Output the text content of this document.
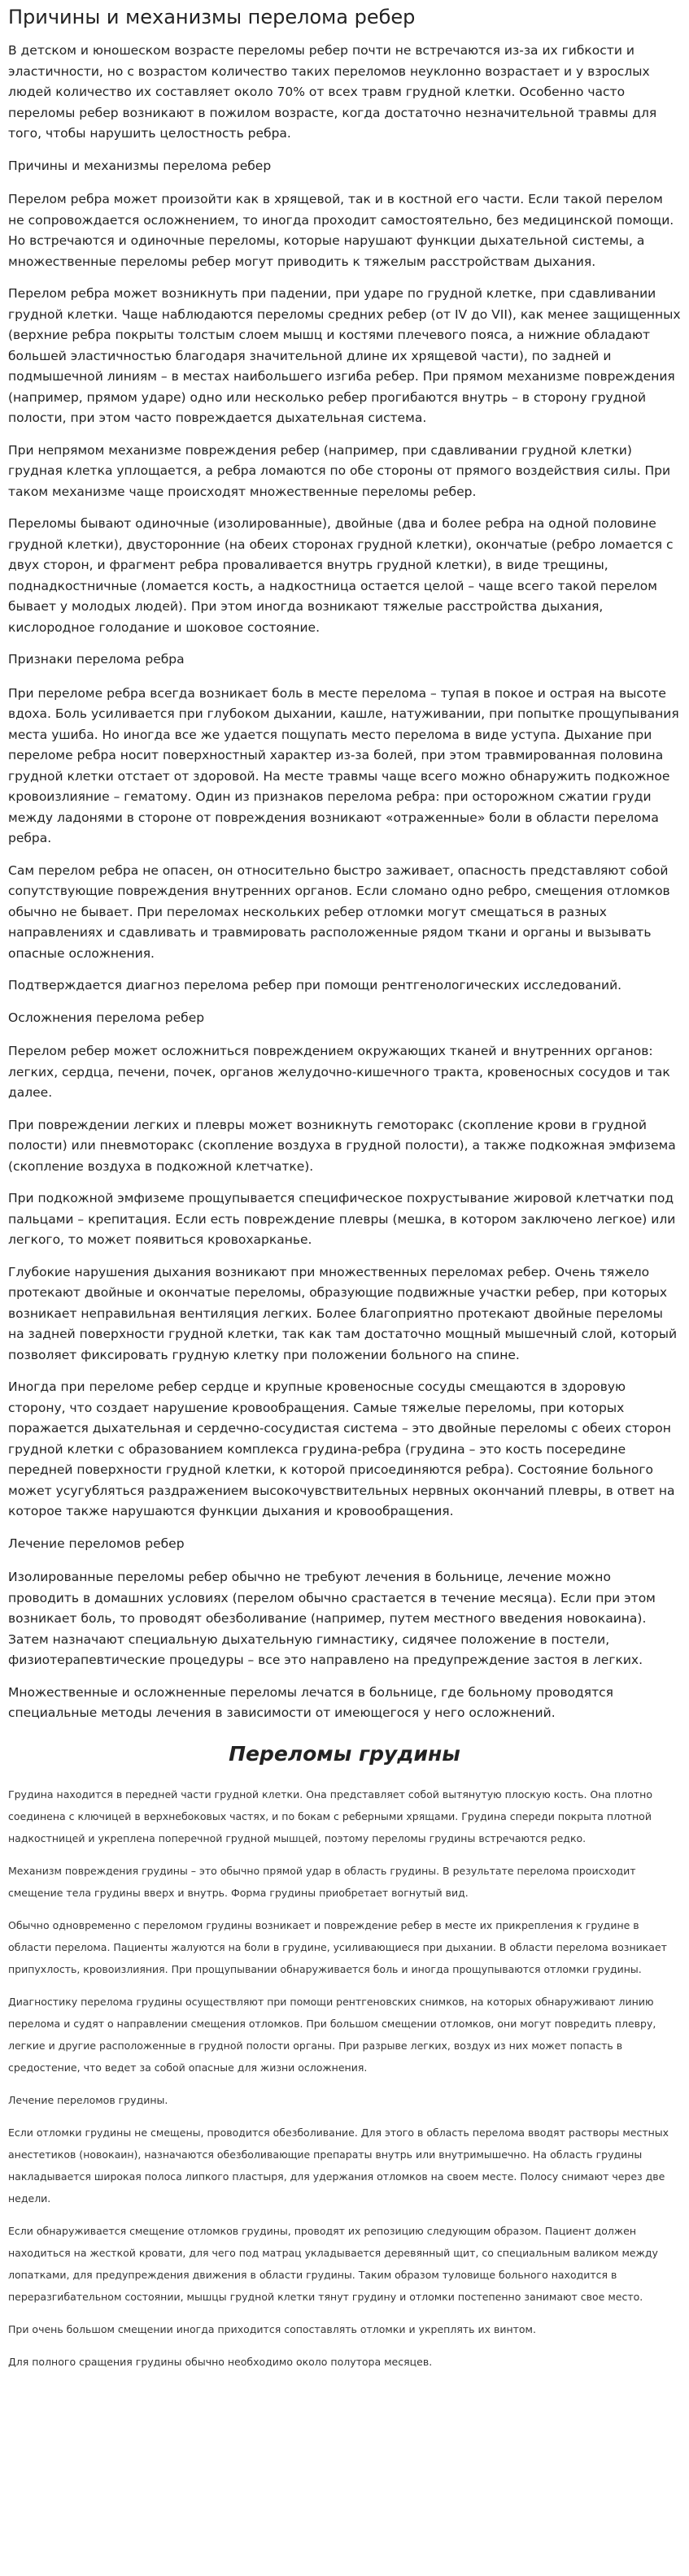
Причины и механизмы перелома ребер

В детском и юношеском возрасте переломы ребер почти не встречаются из-за их гибкости и эластичности, но с возрастом количество таких переломов неуклонно возрастает и у взрослых людей количество их составляет около 70% от всех травм грудной клетки. Особенно часто переломы ребер возникают в пожилом возрасте, когда достаточно незначительной травмы для того, чтобы нарушить целостность ребра.

Причины и механизмы перелома ребер

Перелом ребра может произойти как в хрящевой, так и в костной его части. Если такой перелом не сопровождается осложнением, то иногда проходит самостоятельно, без медицинской помощи. Но встречаются и одиночные переломы, которые нарушают функции дыхательной системы, а множественные переломы ребер могут приводить к тяжелым расстройствам дыхания.

Перелом ребра может возникнуть при падении, при ударе по грудной клетке, при сдавливании грудной клетки. Чаще наблюдаются переломы средних ребер (от IV до VII), как менее защищенных (верхние ребра покрыты толстым слоем мышц и костями плечевого пояса, а нижние обладают большей эластичностью благодаря значительной длине их хрящевой части), по задней и подмышечной линиям – в местах наибольшего изгиба ребер. При прямом механизме повреждения (например, прямом ударе) одно или несколько ребер прогибаются внутрь – в сторону грудной полости, при этом часто повреждается дыхательная система.

При непрямом механизме повреждения ребер (например, при сдавливании грудной клетки) грудная клетка уплощается, а ребра ломаются по обе стороны от прямого воздействия силы. При таком механизме чаще происходят множественные переломы ребер.

Переломы бывают одиночные (изолированные), двойные (два и более ребра на одной половине грудной клетки), двусторонние (на обеих сторонах грудной клетки), окончатые (ребро ломается с двух сторон, и фрагмент ребра проваливается внутрь грудной клетки), в виде трещины, поднадкостничные (ломается кость, а надкостница остается целой – чаще всего такой перелом бывает у молодых людей). При этом иногда возникают тяжелые расстройства дыхания, кислородное голодание и шоковое состояние.

Признаки перелома ребра

При переломе ребра всегда возникает боль в месте перелома – тупая в покое и острая на высоте вдоха. Боль усиливается при глубоком дыхании, кашле, натуживании, при попытке прощупывания места ушиба. Но иногда все же удается пощупать место перелома в виде уступа. Дыхание при переломе ребра носит поверхностный характер из-за болей, при этом травмированная половина грудной клетки отстает от здоровой. На месте травмы чаще всего можно обнаружить подкожное кровоизлияние – гематому. Один из признаков перелома ребра: при осторожном сжатии груди между ладонями в стороне от повреждения возникают «отраженные» боли в области перелома ребра.

Сам перелом ребра не опасен, он относительно быстро заживает, опасность представляют собой сопутствующие повреждения внутренних органов. Если сломано одно ребро, смещения отломков обычно не бывает. При переломах нескольких ребер отломки могут смещаться в разных направлениях и сдавливать и травмировать расположенные рядом ткани и органы и вызывать опасные осложнения.

Подтверждается диагноз перелома ребер при помощи рентгенологических исследований.

Осложнения перелома ребер

Перелом ребер может осложниться повреждением окружающих тканей и внутренних органов: легких, сердца, печени, почек, органов желудочно-кишечного тракта, кровеносных сосудов и так далее.

При повреждении легких и плевры может возникнуть гемоторакс (скопление крови в грудной полости) или пневмоторакс (скопление воздуха в грудной полости), а также подкожная эмфизема (скопление воздуха в подкожной клетчатке).

При подкожной эмфиземе прощупывается специфическое похрустывание жировой клетчатки под пальцами – крепитация. Если есть повреждение плевры (мешка, в котором заключено легкое) или легкого, то может появиться кровохарканье.

Глубокие нарушения дыхания возникают при множественных переломах ребер. Очень тяжело протекают двойные и окончатые переломы, образующие подвижные участки ребер, при которых возникает неправильная вентиляция легких. Более благоприятно протекают двойные переломы на задней поверхности грудной клетки, так как там достаточно мощный мышечный слой, который позволяет фиксировать грудную клетку при положении больного на спине.

Иногда при переломе ребер сердце и крупные кровеносные сосуды смещаются в здоровую сторону, что создает нарушение кровообращения. Самые тяжелые переломы, при которых поражается дыхательная и сердечно-сосудистая система – это двойные переломы с обеих сторон грудной клетки с образованием комплекса грудина-ребра (грудина – это кость посередине передней поверхности грудной клетки, к которой присоединяются ребра). Состояние больного может усугубляться раздражением высокочувствительных нервных окончаний плевры, в ответ на которое также нарушаются функции дыхания и кровообращения.

Лечение переломов ребер

Изолированные переломы ребер обычно не требуют лечения в больнице, лечение можно проводить в домашних условиях (перелом обычно срастается в течение месяца). Если при этом возникает боль, то проводят обезболивание (например, путем местного введения новокаина). Затем назначают специальную дыхательную гимнастику, сидячее положение в постели, физиотерапевтические процедуры – все это направлено на предупреждение застоя в легких.

Множественные и осложненные переломы лечатся в больнице, где больному проводятся специальные методы лечения в зависимости от имеющегося у него осложнений.

Переломы грудины

Грудина находится в передней части грудной клетки. Она представляет собой вытянутую плоскую кость. Она плотно соединена с ключицей в верхнебоковых частях, и по бокам с реберными хрящами. Грудина спереди покрыта плотной надкостницей и укреплена поперечной грудной мышцей, поэтому переломы грудины встречаются редко.

Механизм повреждения грудины – это обычно прямой удар в область грудины. В результате перелома происходит смещение тела грудины вверх и внутрь. Форма грудины приобретает вогнутый вид.

Обычно одновременно с переломом грудины возникает и повреждение ребер в месте их прикрепления к грудине в области перелома. Пациенты жалуются на боли в грудине, усиливающиеся при дыхании. В области перелома возникает припухлость, кровоизлияния. При прощупывании обнаруживается боль и иногда прощупываются отломки грудины.

Диагностику перелома грудины осуществляют при помощи рентгеновских снимков, на которых обнаруживают линию перелома и судят о направлении смещения отломков. При большом смещении отломков, они могут повредить плевру, легкие и другие расположенные в грудной полости органы. При разрыве легких, воздух из них может попасть в средостение, что ведет за собой опасные для жизни осложнения.

Лечение переломов грудины.

Если отломки грудины не смещены, проводится обезболивание. Для этого в область перелома вводят растворы местных анестетиков (новокаин), назначаются обезболивающие препараты внутрь или внутримышечно. На область грудины накладывается широкая полоса липкого пластыря, для удержания отломков на своем месте. Полосу снимают через две недели.

Если обнаруживается смещение отломков грудины, проводят их репозицию следующим образом. Пациент должен находиться на жесткой кровати, для чего под матрац укладывается деревянный щит, со специальным валиком между лопатками, для предупреждения движения в области грудины. Таким образом туловище больного находится в переразгибательном состоянии, мышцы грудной клетки тянут грудину и отломки постепенно занимают свое место.

При очень большом смещении иногда приходится сопоставлять отломки и укреплять их винтом.

Для полного сращения грудины обычно необходимо около полутора месяцев.
